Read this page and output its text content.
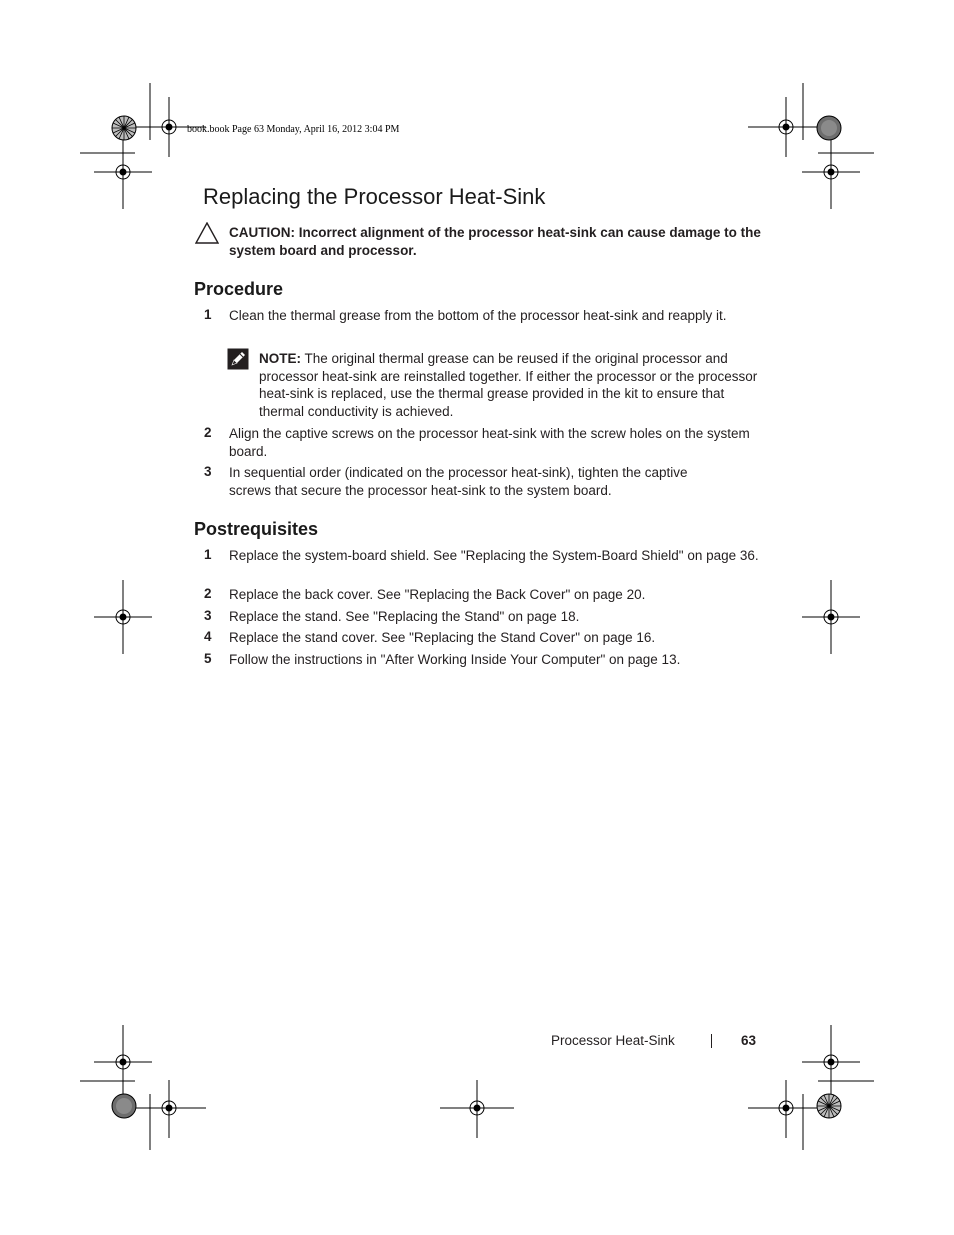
book.book Page 63 Monday, April 16, 2012 3:04 PM
Replacing the Processor Heat-Sink
CAUTION: Incorrect alignment of the processor heat-sink can cause damage to the system board and processor.
Procedure
1 Clean the thermal grease from the bottom of the processor heat-sink and reapply it.
NOTE: The original thermal grease can be reused if the original processor and processor heat-sink are reinstalled together. If either the processor or the processor heat-sink is replaced, use the thermal grease provided in the kit to ensure that thermal conductivity is achieved.
2 Align the captive screws on the processor heat-sink with the screw holes on the system board.
3 In sequential order (indicated on the processor heat-sink), tighten the captive screws that secure the processor heat-sink to the system board.
Postrequisites
1 Replace the system-board shield. See "Replacing the System-Board Shield" on page 36.
2 Replace the back cover. See "Replacing the Back Cover" on page 20.
3 Replace the stand. See "Replacing the Stand" on page 18.
4 Replace the stand cover. See "Replacing the Stand Cover" on page 16.
5 Follow the instructions in "After Working Inside Your Computer" on page 13.
Processor Heat-Sink	63
